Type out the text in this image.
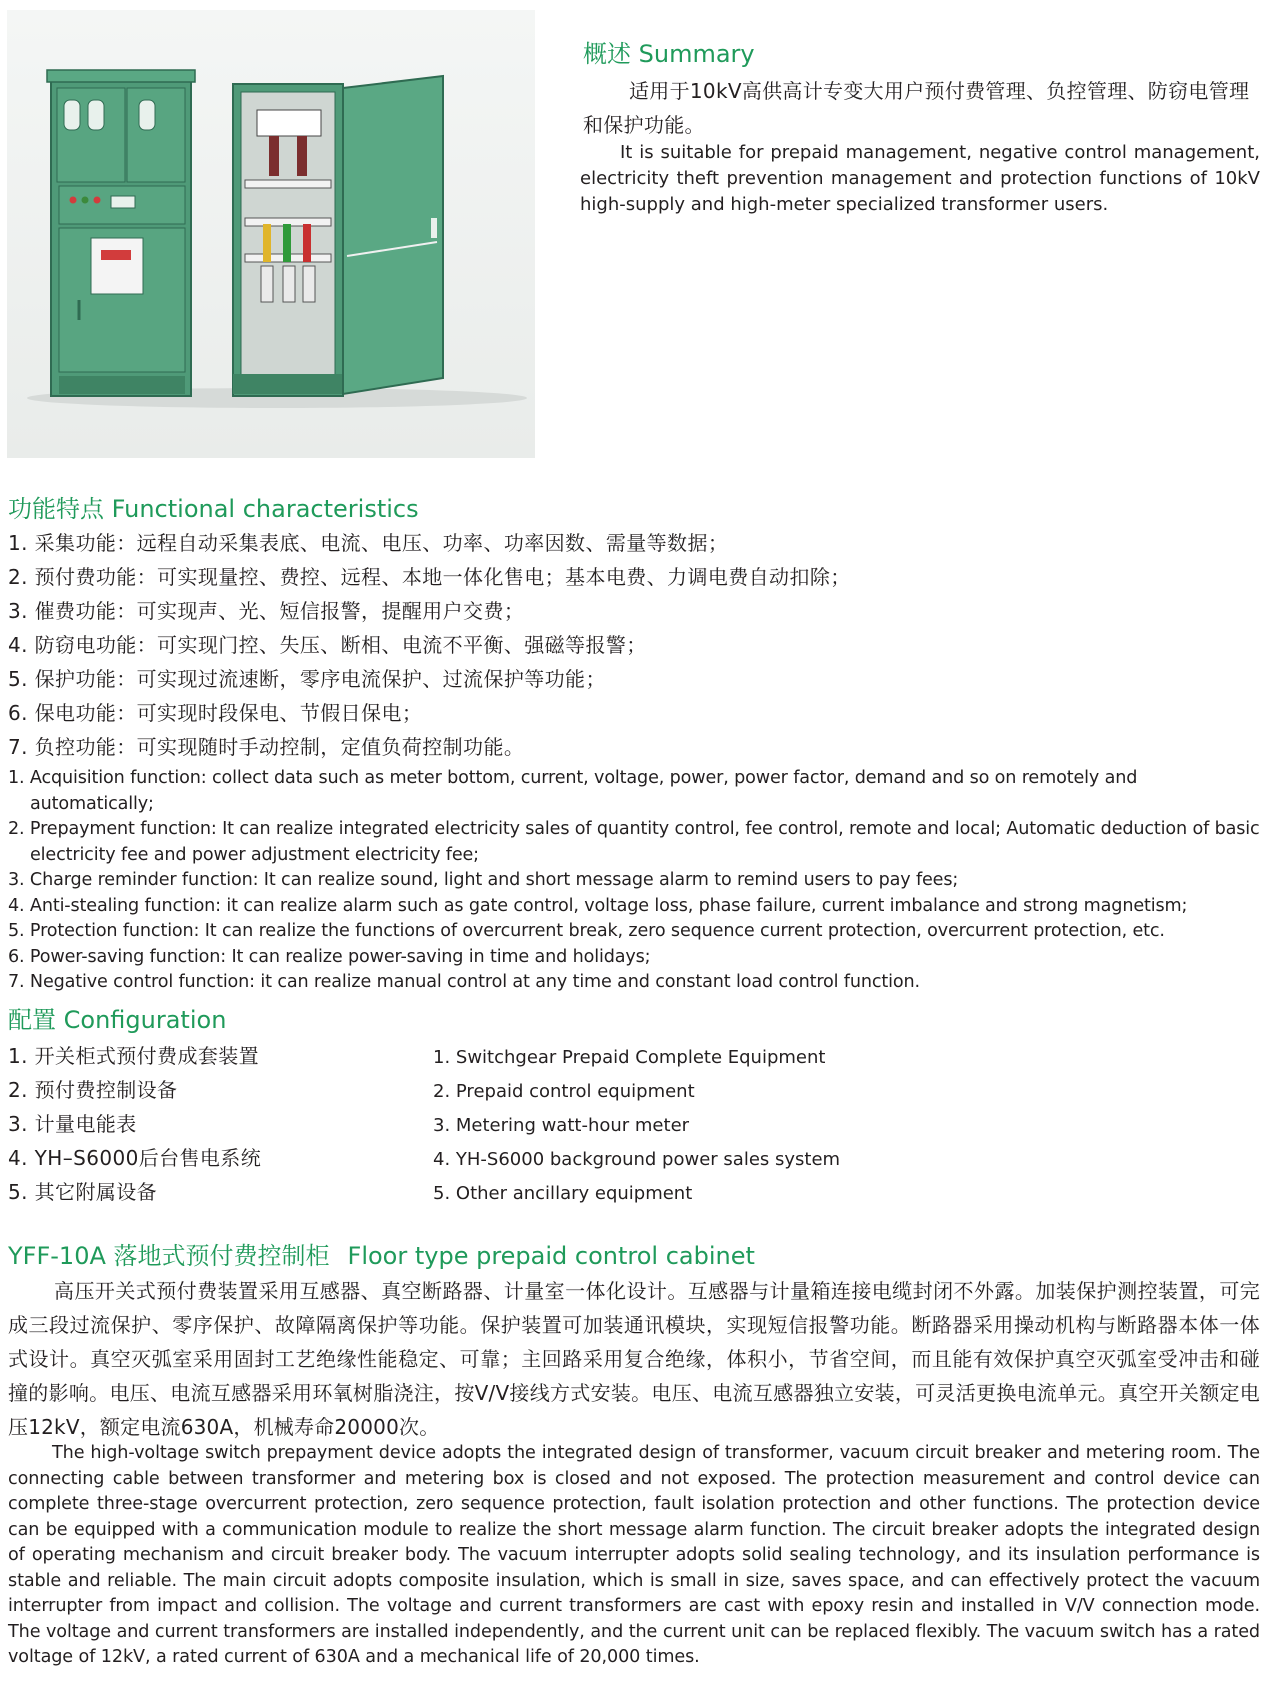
概述 Summary
适用于10kV高供高计专变大用户预付费管理、负控管理、防窃电管理和保护功能。
It is suitable for prepaid management, negative control management, electricity theft prevention management and protection functions of 10kV high-supply and high-meter specialized transformer users.
功能特点 Functional characteristics
1. 采集功能：远程自动采集表底、电流、电压、功率、功率因数、需量等数据；
2. 预付费功能：可实现量控、费控、远程、本地一体化售电；基本电费、力调电费自动扣除；
3. 催费功能：可实现声、光、短信报警，提醒用户交费；
4. 防窃电功能：可实现门控、失压、断相、电流不平衡、强磁等报警；
5. 保护功能：可实现过流速断，零序电流保护、过流保护等功能；
6. 保电功能：可实现时段保电、节假日保电；
7. 负控功能：可实现随时手动控制，定值负荷控制功能。
1. Acquisition function: collect data such as meter bottom, current, voltage, power, power factor, demand and so on remotely and automatically;
2. Prepayment function: It can realize integrated electricity sales of quantity control, fee control, remote and local; Automatic deduction of basic electricity fee and power adjustment electricity fee;
3. Charge reminder function: It can realize sound, light and short message alarm to remind users to pay fees;
4. Anti-stealing function: it can realize alarm such as gate control, voltage loss, phase failure, current imbalance and strong magnetism;
5. Protection function: It can realize the functions of overcurrent break, zero sequence current protection, overcurrent protection, etc.
6. Power-saving function: It can realize power-saving in time and holidays;
7. Negative control function: it can realize manual control at any time and constant load control function.
配置 Configuration
1. 开关柜式预付费成套装置
2. 预付费控制设备
3. 计量电能表
4. YH–S6000后台售电系统
5. 其它附属设备
1. Switchgear Prepaid Complete Equipment
2. Prepaid control equipment
3. Metering watt-hour meter
4. YH-S6000 background power sales system
5. Other ancillary equipment
YFF-10A 落地式预付费控制柜 Floor type prepaid control cabinet
高压开关式预付费装置采用互感器、真空断路器、计量室一体化设计。互感器与计量箱连接电缆封闭不外露。加装保护测控装置，可完成三段过流保护、零序保护、故障隔离保护等功能。保护装置可加装通讯模块，实现短信报警功能。断路器采用操动机构与断路器本体一体式设计。真空灭弧室采用固封工艺绝缘性能稳定、可靠；主回路采用复合绝缘，体积小，节省空间，而且能有效保护真空灭弧室受冲击和碰撞的影响。电压、电流互感器采用环氧树脂浇注，按V/V接线方式安装。电压、电流互感器独立安装，可灵活更换电流单元。真空开关额定电压12kV，额定电流630A，机械寿命20000次。
The high-voltage switch prepayment device adopts the integrated design of transformer, vacuum circuit breaker and metering room. The connecting cable between transformer and metering box is closed and not exposed. The protection measurement and control device can complete three-stage overcurrent protection, zero sequence protection, fault isolation protection and other functions. The protection device can be equipped with a communication module to realize the short message alarm function. The circuit breaker adopts the integrated design of operating mechanism and circuit breaker body. The vacuum interrupter adopts solid sealing technology, and its insulation performance is stable and reliable. The main circuit adopts composite insulation, which is small in size, saves space, and can effectively protect the vacuum interrupter from impact and collision. The voltage and current transformers are cast with epoxy resin and installed in V/V connection mode. The voltage and current transformers are installed independently, and the current unit can be replaced flexibly. The vacuum switch has a rated voltage of 12kV, a rated current of 630A and a mechanical life of 20,000 times.
